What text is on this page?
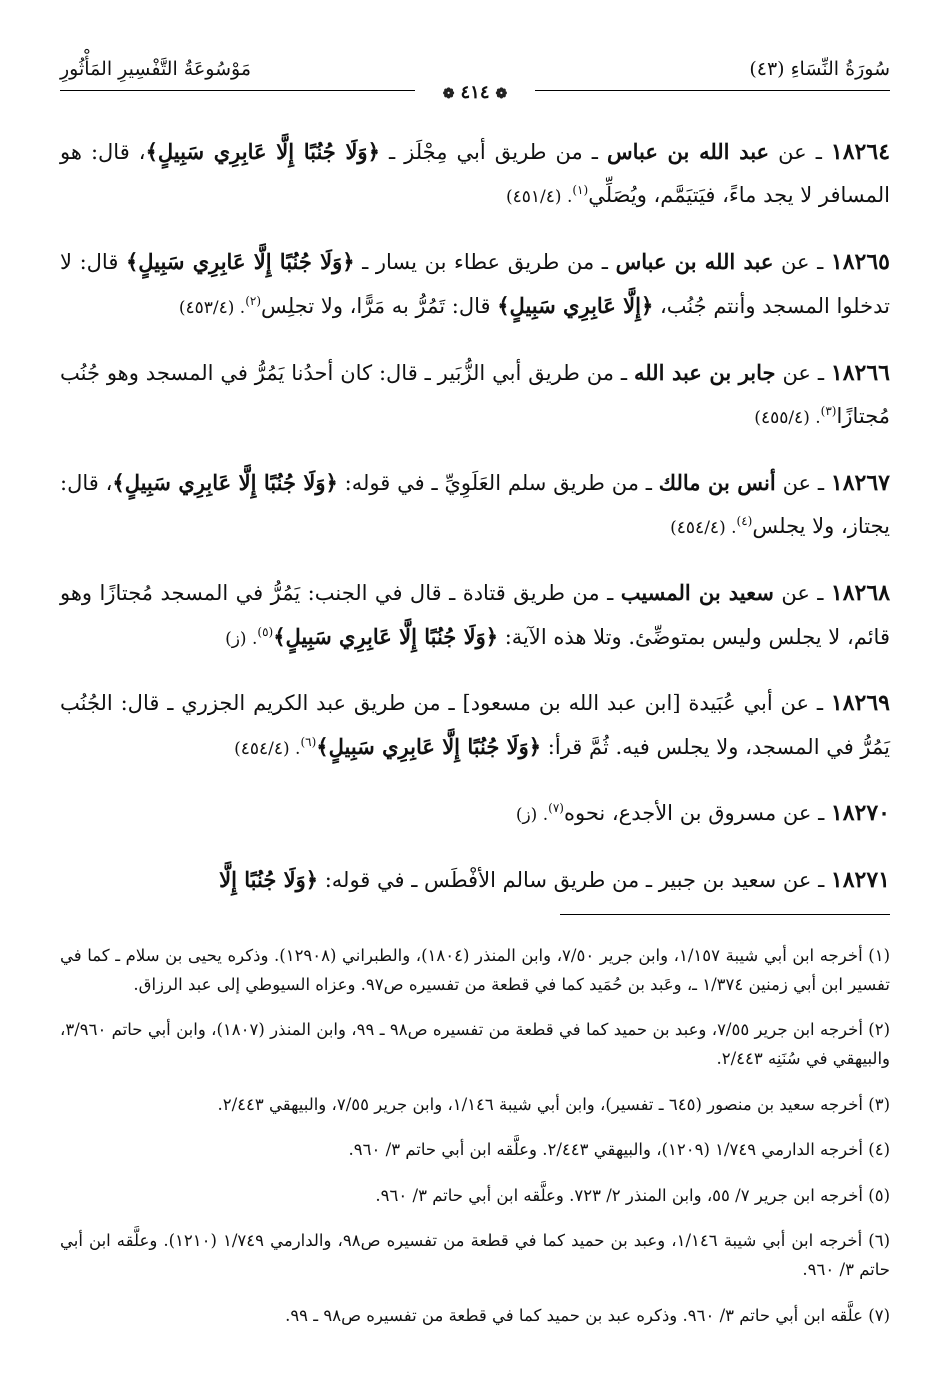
سُورَةُ النِّسَاءِ (٤٣)
مَوْسُوعَةُ التَّفْسِيرِ المَأْثُورِ
❁٤١٤❁

١٨٢٦٤ ـ عن عبد الله بن عباس ـ من طريق أبي مِجْلَز ـ ﴿وَلَا جُنُبًا إِلَّا عَابِرِي سَبِيلٍ﴾، قال: هو المسافر لا يجد ماءً، فيَتيَمَّم، ويُصَلِّي$^{(١)}$. (٤٥١/٤)

١٨٢٦٥ ـ عن عبد الله بن عباس ـ من طريق عطاء بن يسار ـ ﴿وَلَا جُنُبًا إِلَّا عَابِرِي سَبِيلٍ﴾ قال: لا تدخلوا المسجد وأنتم جُنُب، ﴿إِلَّا عَابِرِي سَبِيلٍ﴾ قال: تَمُرُّ به مَرًّا، ولا تجلِس$^{(٢)}$. (٤٥٣/٤)

١٨٢٦٦ ـ عن جابر بن عبد الله ـ من طريق أبي الزُّبَير ـ قال: كان أحدُنا يَمُرُّ في المسجد وهو جُنُب مُجتازًا$^{(٣)}$. (٤٥٥/٤)

١٨٢٦٧ ـ عن أنس بن مالك ـ من طريق سلم العَلَوِيِّ ـ في قوله: ﴿وَلَا جُنُبًا إِلَّا عَابِرِي سَبِيلٍ﴾، قال: يجتاز، ولا يجلس$^{(٤)}$. (٤٥٤/٤)

١٨٢٦٨ ـ عن سعيد بن المسيب ـ من طريق قتادة ـ قال في الجنب: يَمُرُّ في المسجد مُجتازًا وهو قائم، لا يجلس وليس بمتوضِّئ. وتلا هذه الآية: ﴿وَلَا جُنُبًا إِلَّا عَابِرِي سَبِيلٍ﴾$^{(٥)}$. (ز)

١٨٢٦٩ ـ عن أبي عُبَيدة [ابن عبد الله بن مسعود] ـ من طريق عبد الكريم الجزري ـ قال: الجُنُب يَمُرُّ في المسجد، ولا يجلس فيه. ثُمَّ قرأ: ﴿وَلَا جُنُبًا إِلَّا عَابِرِي سَبِيلٍ﴾$^{(٦)}$. (٤٥٤/٤)

١٨٢٧٠ ـ عن مسروق بن الأجدع، نحوه$^{(٧)}$. (ز)

١٨٢٧١ ـ عن سعيد بن جبير ـ من طريق سالم الأفْطَس ـ في قوله: ﴿وَلَا جُنُبًا إِلَّا

(١) أخرجه ابن أبي شيبة ١/١٥٧، وابن جرير ٧/٥٠، وابن المنذر (١٨٠٤)، والطبراني (١٢٩٠٨). وذكره يحيى بن سلام ـ كما في تفسير ابن أبي زمنين ١/٣٧٤ ـ، وعَبد بن حُمَيد كما في قطعة من تفسيره ص٩٧. وعزاه السيوطي إلى عبد الرزاق.

(٢) أخرجه ابن جرير ٧/٥٥، وعبد بن حميد كما في قطعة من تفسيره ص٩٨ ـ ٩٩، وابن المنذر (١٨٠٧)، وابن أبي حاتم ٣/٩٦٠، والبيهقي في سُنَنِه ٢/٤٤٣.

(٣) أخرجه سعيد بن منصور (٦٤٥ ـ تفسير)، وابن أبي شيبة ١/١٤٦، وابن جرير ٧/٥٥، والبيهقي ٢/٤٤٣.

(٤) أخرجه الدارمي ١/٧٤٩ (١٢٠٩)، والبيهقي ٢/٤٤٣. وعلَّقه ابن أبي حاتم ٣/ ٩٦٠.

(٥) أخرجه ابن جرير ٧/ ٥٥، وابن المنذر ٢/ ٧٢٣. وعلَّقه ابن أبي حاتم ٣/ ٩٦٠.

(٦) أخرجه ابن أبي شيبة ١/١٤٦، وعبد بن حميد كما في قطعة من تفسيره ص٩٨، والدارمي ١/٧٤٩ (١٢١٠). وعلَّقه ابن أبي حاتم ٣/ ٩٦٠.

(٧) علَّقه ابن أبي حاتم ٣/ ٩٦٠. وذكره عبد بن حميد كما في قطعة من تفسيره ص٩٨ ـ ٩٩.
